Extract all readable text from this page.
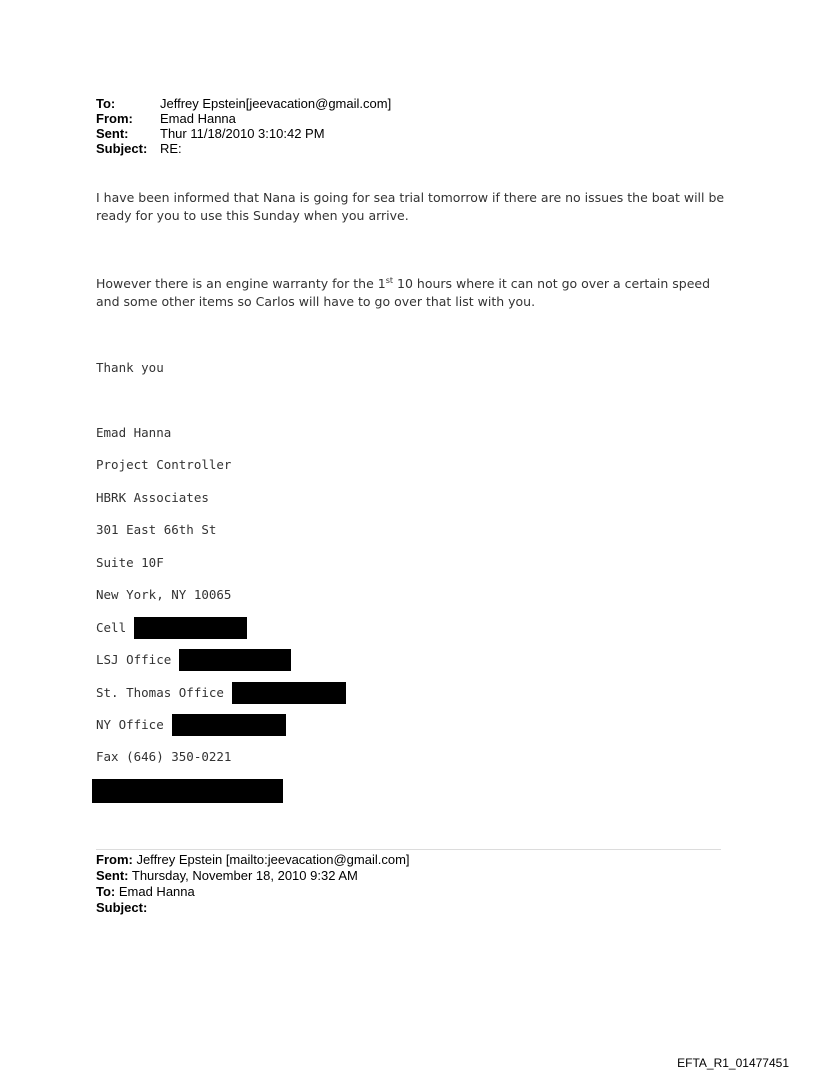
To:	Jeffrey Epstein[jeevacation@gmail.com]
From:	Emad Hanna
Sent:	Thur 11/18/2010 3:10:42 PM
Subject: RE:
I have been informed that Nana is going for sea trial tomorrow if there are no issues the boat will be ready for you to use this Sunday when you arrive.
However there is an engine warranty for the 1st 10 hours where it can not go over a certain speed and some other items so Carlos will have to go over that list with you.
Thank you
Emad Hanna
Project Controller
HBRK Associates
301 East 66th St
Suite 10F
New York, NY 10065
Cell
LSJ Office
St. Thomas Office
NY Office
Fax (646) 350-0221
From: Jeffrey Epstein [mailto:jeevacation@gmail.com]
Sent: Thursday, November 18, 2010 9:32 AM
To: Emad Hanna
Subject:
EFTA_R1_01477451
